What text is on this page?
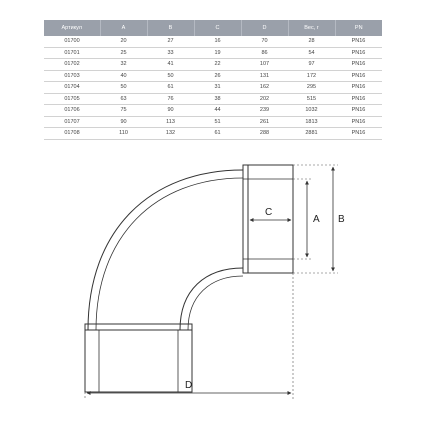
Артикул	A	B	C	D	Вес, г	PN
01700	20	27	16	70	28	PN16
01701	25	33	19	86	54	PN16
01702	32	41	22	107	97	PN16
01703	40	50	26	131	172	PN16
01704	50	61	31	162	295	PN16
01705	63	76	38	202	515	PN16
01706	75	90	44	239	1032	PN16
01707	90	113	51	261	1813	PN16
01708	110	132	61	288	2881	PN16
C
A B
D
